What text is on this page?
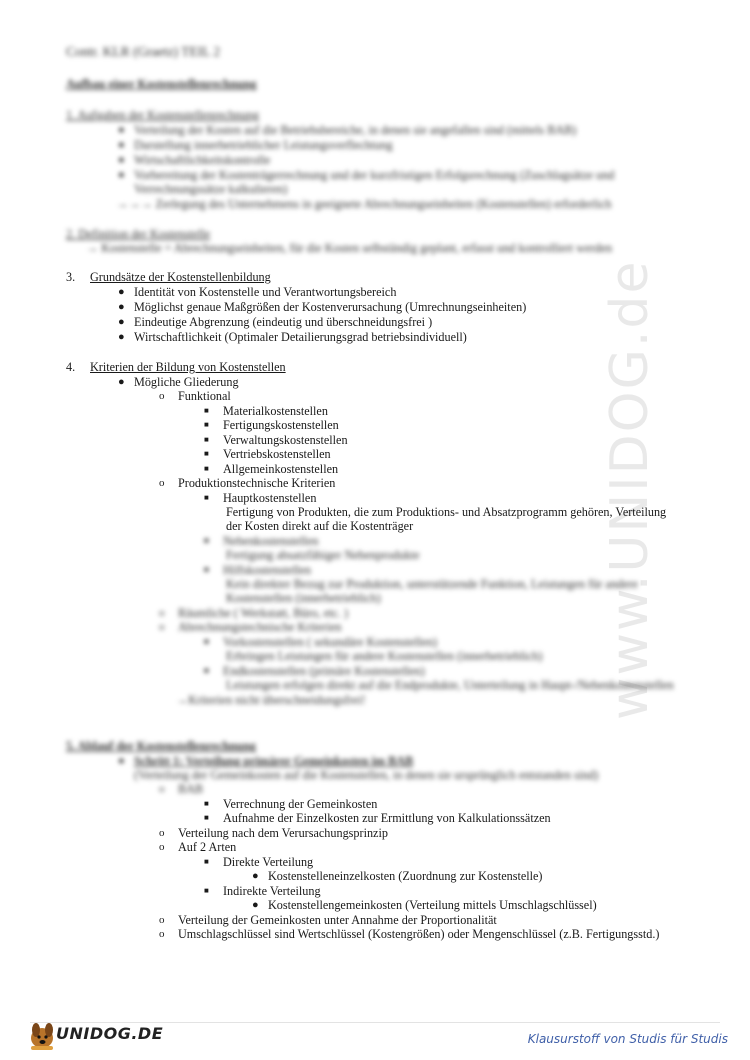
www.UNIDOG.de
Contr. KLR (Graetz) TEIL 2
Aufbau einer Kostenstellenrechnung
1. Aufgaben der Kostenstellenrechnung
● Verteilung der Kosten auf die Betriebsbereiche, in denen sie angefallen sind (mittels BAB)
● Darstellung innerbetrieblicher Leistungsverflechtung
● Wirtschaftlichkeitskontrolle
● Vorbereitung der Kostenträgerrechnung und der kurzfristigen Erfolgsrechnung (Zuschlagsätze und
Verrechnungssätze kalkulieren)
→→→ Zerlegung des Unternehmens in geeignete Abrechnungseinheiten (Kostenstellen) erforderlich
2. Definition der Kostenstelle
→ Kostenstelle = Abrechnungseinheiten, für die Kosten selbständig geplant, erfasst und kontrolliert werden
3. Grundsätze der Kostenstellenbildung
● Identität von Kostenstelle und Verantwortungsbereich
● Möglichst genaue Maßgrößen der Kostenverursachung (Umrechnungseinheiten)
● Eindeutige Abgrenzung (eindeutig und überschneidungsfrei )
● Wirtschaftlichkeit (Optimaler Detailierungsgrad betriebsindividuell)
4. Kriterien der Bildung von Kostenstellen
● Mögliche Gliederung
o Funktional
■ Materialkostenstellen
■ Fertigungskostenstellen
■ Verwaltungskostenstellen
■ Vertriebskostenstellen
■ Allgemeinkostenstellen
o Produktionstechnische Kriterien
■ Hauptkostenstellen
Fertigung von Produkten, die zum Produktions- und Absatzprogramm gehören, Verteilung
der Kosten direkt auf die Kostenträger
■ Nebenkostenstellen
Fertigung absatzfähiger Nebenprodukte
■ Hilfskostenstellen
Kein direkter Bezug zur Produktion, unterstützende Funktion, Leistungen für andere
Kostenstellen (innerbetrieblich)
o Räumliche ( Werkstatt, Büro, etc. )
o Abrechnungstechnische Kriterien
■ Vorkostenstellen ( sekundäre Kostenstellen)
Erbringen Leistungen für andere Kostenstellen (innerbetrieblich)
■ Endkostenstellen (primäre Kostenstellen)
Leistungen erfolgen direkt auf die Endprodukte, Unterteilung in Haupt-/Nebenkostenstellen
→Kriterien nicht überschneidungsfrei!
5. Ablauf der Kostenstellenrechnung
● Schritt 1: Verteilung primärer Gemeinkosten im BAB
(Verteilung der Gemeinkosten auf die Kostenstellen, in denen sie ursprünglich entstanden sind)
o BAB
■ Verrechnung der Gemeinkosten
■ Aufnahme der Einzelkosten zur Ermittlung von Kalkulationssätzen
o Verteilung nach dem Verursachungsprinzip
o Auf 2 Arten
■ Direkte Verteilung
● Kostenstelleneinzelkosten (Zuordnung zur Kostenstelle)
■ Indirekte Verteilung
● Kostenstellengemeinkosten (Verteilung mittels Umschlagschlüssel)
o Verteilung der Gemeinkosten unter Annahme der Proportionalität
o Umschlagschlüssel sind Wertschlüssel (Kostengrößen) oder Mengenschlüssel (z.B. Fertigungsstd.)
UNIDOG.DE	Klausurstoff von Studis für Studis
